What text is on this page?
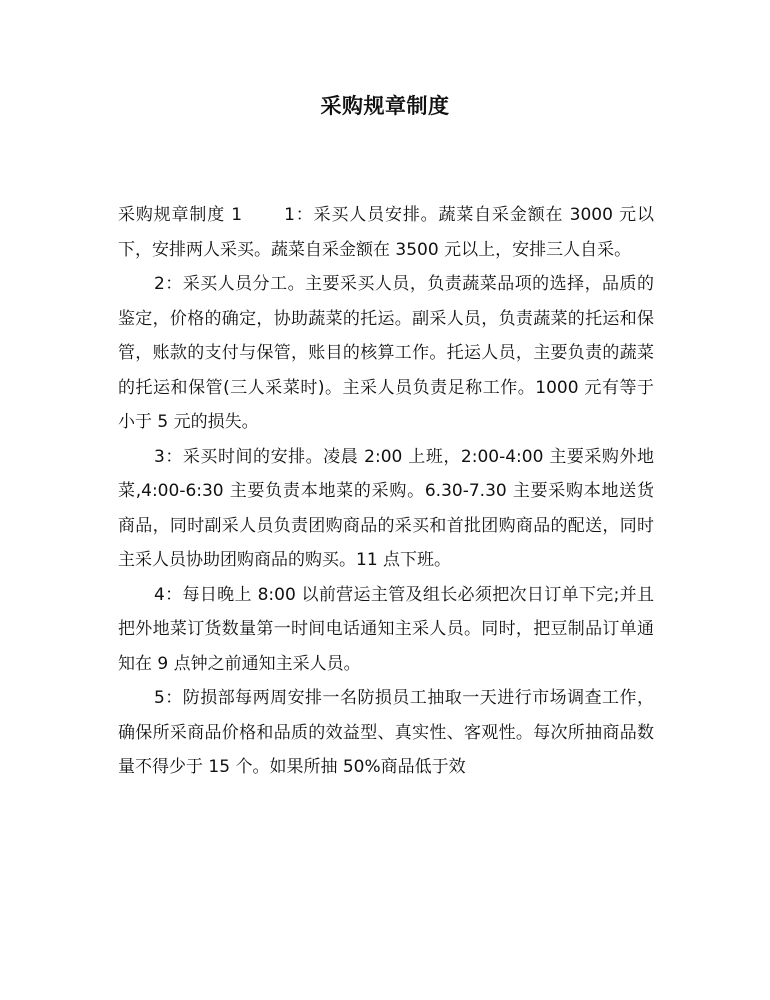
采购规章制度

采购规章制度 1 1：采买人员安排。蔬菜自采金额在 3000 元以下，安排两人采买。蔬菜自采金额在 3500 元以上，安排三人自采。

2：采买人员分工。主要采买人员，负责蔬菜品项的选择，品质的鉴定，价格的确定，协助蔬菜的托运。副采人员，负责蔬菜的托运和保管，账款的支付与保管，账目的核算工作。托运人员，主要负责的蔬菜的托运和保管(三人采菜时)。主采人员负责足称工作。1000 元有等于小于 5 元的损失。

3：采买时间的安排。凌晨 2:00 上班，2:00-4:00 主要采购外地菜,4:00-6:30 主要负责本地菜的采购。6.30-7.30 主要采购本地送货商品，同时副采人员负责团购商品的采买和首批团购商品的配送，同时主采人员协助团购商品的购买。11 点下班。

4：每日晚上 8:00 以前营运主管及组长必须把次日订单下完;并且把外地菜订货数量第一时间电话通知主采人员。同时，把豆制品订单通知在 9 点钟之前通知主采人员。

5：防损部每两周安排一名防损员工抽取一天进行市场调查工作，确保所采商品价格和品质的效益型、真实性、客观性。每次所抽商品数量不得少于 15 个。如果所抽 50%商品低于效
